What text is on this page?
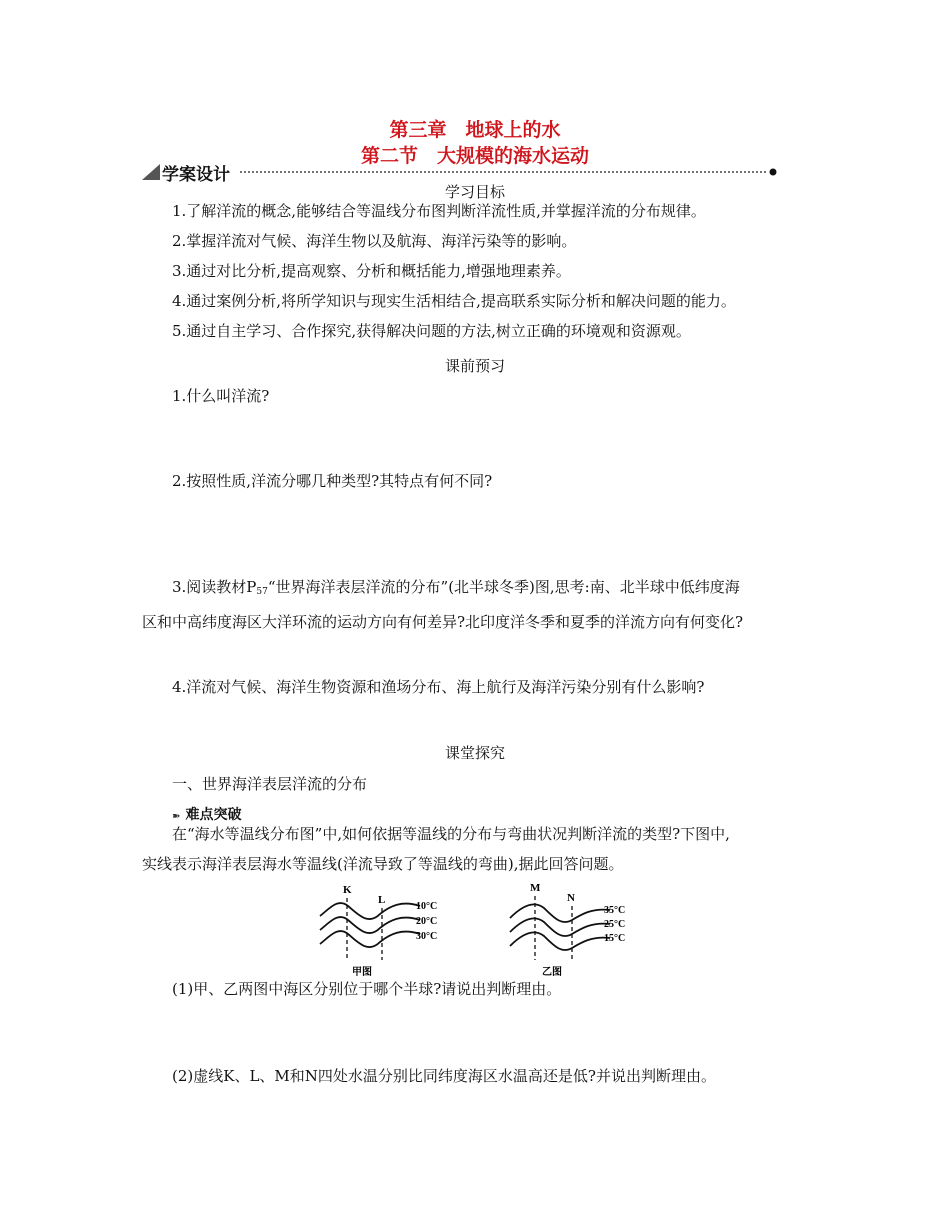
第三章　地球上的水
第二节　大规模的海水运动
学案设计
学习目标
1.了解洋流的概念,能够结合等温线分布图判断洋流性质,并掌握洋流的分布规律。
2.掌握洋流对气候、海洋生物以及航海、海洋污染等的影响。
3.通过对比分析,提高观察、分析和概括能力,增强地理素养。
4.通过案例分析,将所学知识与现实生活相结合,提高联系实际分析和解决问题的能力。
5.通过自主学习、合作探究,获得解决问题的方法,树立正确的环境观和资源观。
课前预习
1.什么叫洋流?
2.按照性质,洋流分哪几种类型?其特点有何不同?
3.阅读教材P57“世界海洋表层洋流的分布”(北半球冬季)图,思考:南、北半球中低纬度海
区和中高纬度海区大洋环流的运动方向有何差异?北印度洋冬季和夏季的洋流方向有何变化?
4.洋流对气候、海洋生物资源和渔场分布、海上航行及海洋污染分别有什么影响?
课堂探究
一、世界海洋表层洋流的分布
➽ 难点突破
在“海水等温线分布图”中,如何依据等温线的分布与弯曲状况判断洋流的类型?下图中,
实线表示海洋表层海水等温线(洋流导致了等温线的弯曲),据此回答问题。
K
L
10°C
20°C
30°C
甲图
M
N
35°C
25°C
15°C
乙图
(1)甲、乙两图中海区分别位于哪个半球?请说出判断理由。
(2)虚线K、L、M和N四处水温分别比同纬度海区水温高还是低?并说出判断理由。
